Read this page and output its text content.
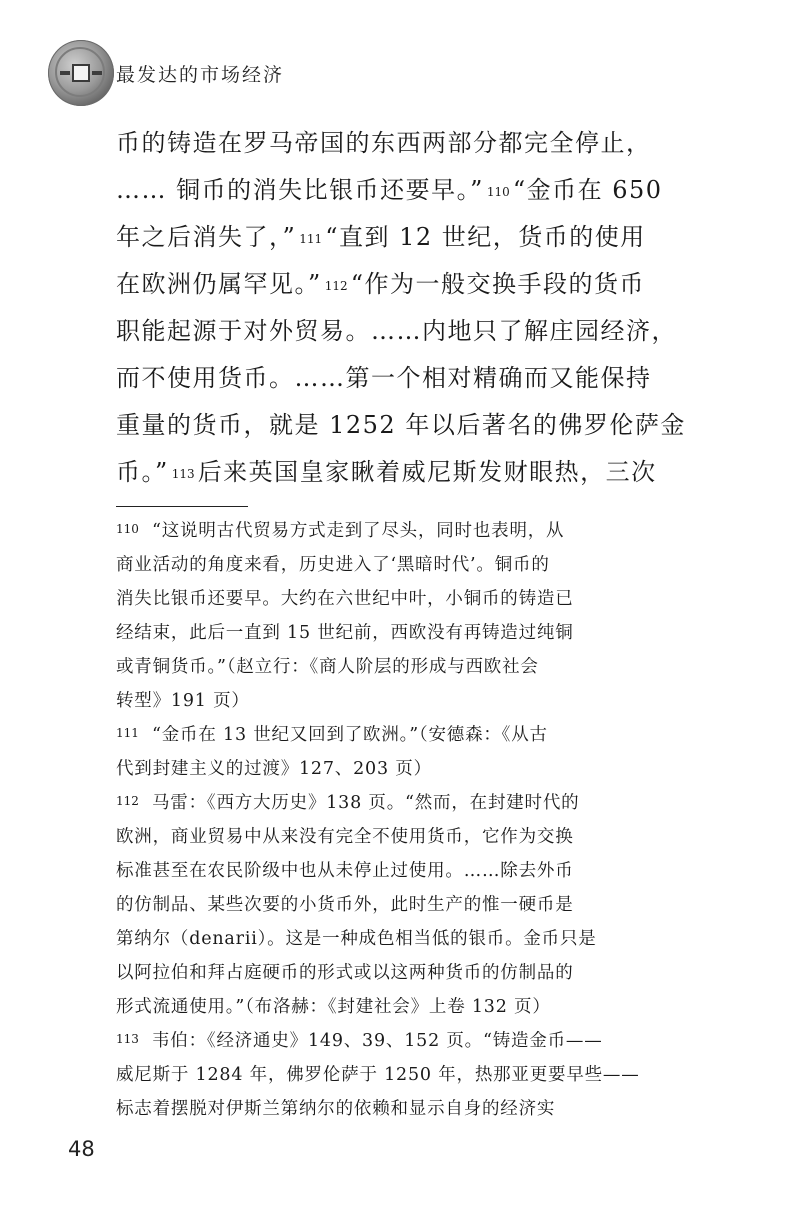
最发达的市场经济
币的铸造在罗马帝国的东西两部分都完全停止，
…… 铜币的消失比银币还要早。” $^{110}$ “金币在 650
年之后消失了，” $^{111}$ “直到 12 世纪，货币的使用
在欧洲仍属罕见。” $^{112}$ “作为一般交换手段的货币
职能起源于对外贸易。……内地只了解庄园经济，
而不使用货币。……第一个相对精确而又能保持
重量的货币，就是 1252 年以后著名的佛罗伦萨金
币。” $^{113}$ 后来英国皇家瞅着威尼斯发财眼热，三次
110 “这说明古代贸易方式走到了尽头，同时也表明，从
商业活动的角度来看，历史进入了‘黑暗时代’。铜币的
消失比银币还要早。大约在六世纪中叶，小铜币的铸造已
经结束，此后一直到 15 世纪前，西欧没有再铸造过纯铜
或青铜货币。”（赵立行：《商人阶层的形成与西欧社会
转型》191 页）
111 “金币在 13 世纪又回到了欧洲。”（安德森：《从古
代到封建主义的过渡》127、203 页）
112 马雷：《西方大历史》138 页。“然而，在封建时代的
欧洲，商业贸易中从来没有完全不使用货币，它作为交换
标准甚至在农民阶级中也从未停止过使用。……除去外币
的仿制品、某些次要的小货币外，此时生产的惟一硬币是
第纳尔（denarii）。这是一种成色相当低的银币。金币只是
以阿拉伯和拜占庭硬币的形式或以这两种货币的仿制品的
形式流通使用。”（布洛赫：《封建社会》上卷 132 页）
113 韦伯：《经济通史》149、39、152 页。“铸造金币——
威尼斯于 1284 年，佛罗伦萨于 1250 年，热那亚更要早些——
标志着摆脱对伊斯兰第纳尔的依赖和显示自身的经济实
48
